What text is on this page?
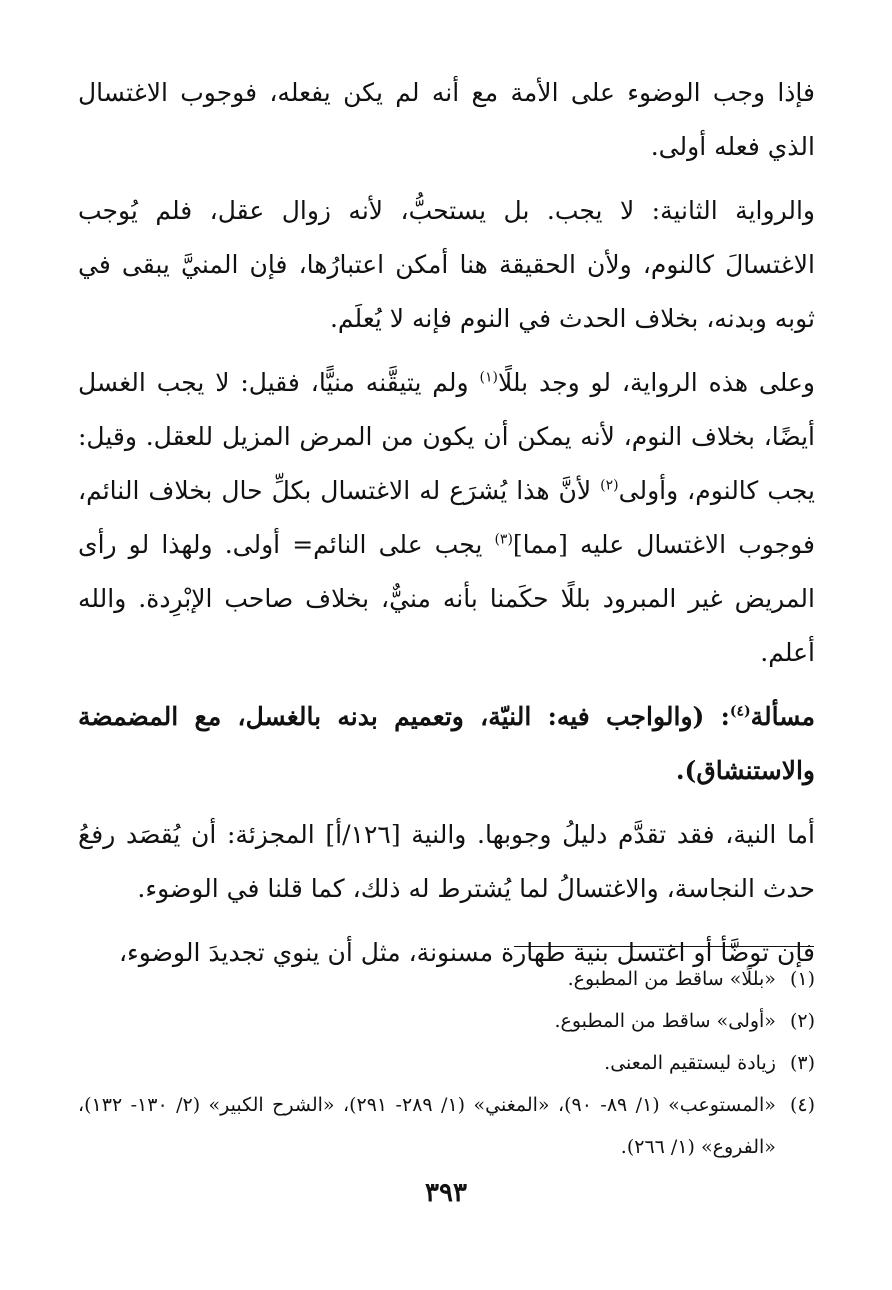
فإذا وجب الوضوء على الأمة مع أنه لم يكن يفعله، فوجوب الاغتسال الذي فعله أولى.

والرواية الثانية: لا يجب. بل يستحبُّ، لأنه زوال عقل، فلم يُوجب الاغتسالَ كالنوم، ولأن الحقيقة هنا أمكن اعتبارُها، فإن المنيَّ يبقى في ثوبه وبدنه، بخلاف الحدث في النوم فإنه لا يُعلَم.

وعلى هذه الرواية، لو وجد بللًا$^{(١)}$ ولم يتيقَّنه منيًّا، فقيل: لا يجب الغسل أيضًا، بخلاف النوم، لأنه يمكن أن يكون من المرض المزيل للعقل. وقيل: يجب كالنوم، وأولى$^{(٢)}$ لأنَّ هذا يُشرَع له الاغتسال بكلِّ حال بخلاف النائم، فوجوب الاغتسال عليه [مما]$^{(٣)}$ يجب على النائم= أولى. ولهذا لو رأى المريض غير المبرود بللًا حكَمنا بأنه منيٌّ، بخلاف صاحب الإبْرِدة. والله أعلم.

مسألة$^{(٤)}$: (والواجب فيه: النيّة، وتعميم بدنه بالغسل، مع المضمضة والاستنشاق).

أما النية، فقد تقدَّم دليلُ وجوبها. والنية [١٢٦/أ] المجزئة: أن يُقصَد رفعُ حدث النجاسة، والاغتسالُ لما يُشترط له ذلك، كما قلنا في الوضوء.

فإن توضَّأ أو اغتسل بنية طهارة مسنونة، مثل أن ينوي تجديدَ الوضوء،

(١)
«بللًا» ساقط من المطبوع.
(٢)
«أولى» ساقط من المطبوع.
(٣)
زيادة ليستقيم المعنى.
(٤)
«المستوعب» (١/ ٨٩- ٩٠)، «المغني» (١/ ٢٨٩- ٢٩١)، «الشرح الكبير» (٢/ ١٣٠- ١٣٢)، «الفروع» (١/ ٢٦٦).
٣٩٣
